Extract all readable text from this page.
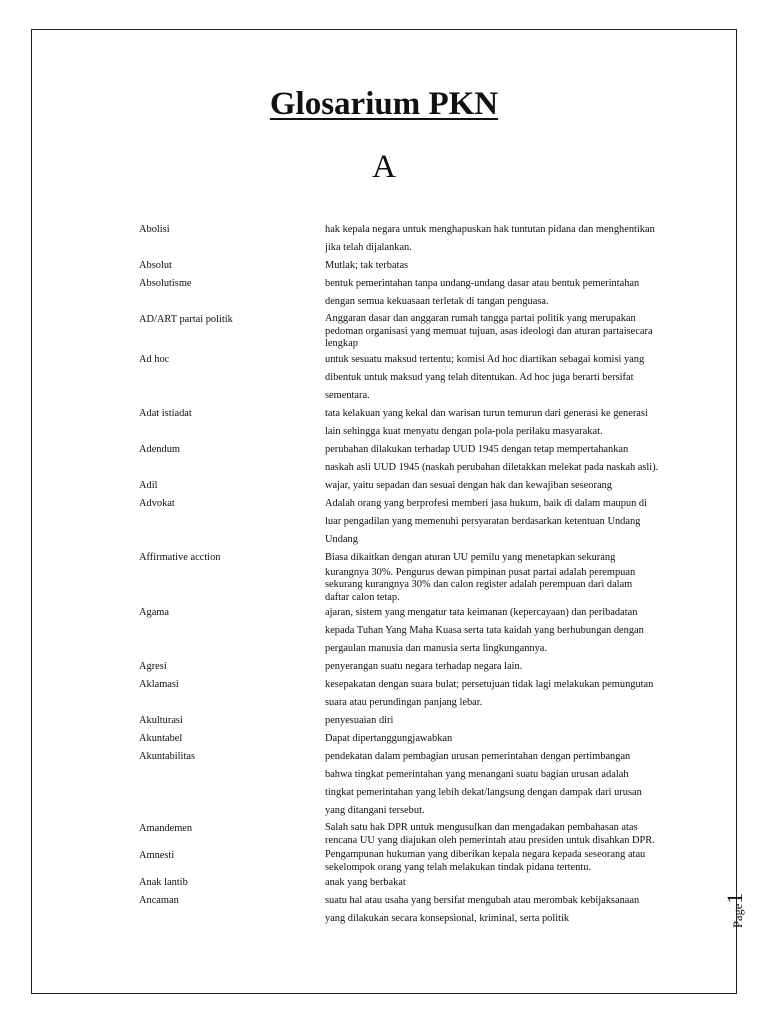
Glosarium PKN
A
Abolisi	hak kepala negara untuk menghapuskan hak tuntutan pidana dan menghentikan
jika telah dijalankan.
Absolut	Mutlak; tak terbatas
Absolutisme	bentuk pemerintahan tanpa undang-undang dasar atau bentuk pemerintahan
dengan semua kekuasaan terletak di tangan penguasa.
AD/ART partai politik	Anggaran dasar dan anggaran rumah tangga partai politik yang merupakan
pedoman organisasi yang memuat tujuan, asas ideologi dan aturan partaisecara
lengkap
Ad hoc	untuk sesuatu maksud tertentu; komisi Ad hoc diartikan sebagai komisi yang
dibentuk untuk maksud yang telah ditentukan. Ad hoc juga berarti bersifat
sementara.
Adat istiadat	tata kelakuan yang kekal dan warisan turun temurun dari generasi ke generasi
lain sehingga kuat menyatu dengan pola-pola perilaku masyarakat.
Adendum	perubahan dilakukan terhadap UUD 1945 dengan tetap mempertahankan
naskah asli UUD 1945 (naskah perubahan diletakkan melekat pada naskah asli).
Adil	wajar, yaitu sepadan dan sesuai dengan hak dan kewajiban seseorang
Advokat	Adalah orang yang berprofesi memberi jasa hukum, baik di dalam maupun di
luar pengadilan yang memenuhi persyaratan berdasarkan ketentuan Undang
Undang
Affirmative acction	Biasa dikaitkan dengan aturan UU pemilu yang menetapkan sekurang
kurangnya 30%. Pengurus dewan pimpinan pusat partai adalah perempuan
sekurang kurangnya 30% dan calon register adalah perempuan dari dalam
daftar calon tetap.
Agama	ajaran, sistem yang mengatur tata keimanan (kepercayaan) dan peribadatan
kepada Tuhan Yang Maha Kuasa serta tata kaidah yang berhubungan dengan
pergaulan manusia dan manusia serta lingkungannya.
Agresi	penyerangan suatu negara terhadap negara lain.
Aklamasi	kesepakatan dengan suara bulat; persetujuan tidak lagi melakukan pemungutan
suara atau perundingan panjang lebar.
Akulturasi	penyesuaian diri
Akuntabel	Dapat dipertanggungjawabkan
Akuntabilitas	pendekatan dalam pembagian urusan pemerintahan dengan pertimbangan
bahwa tingkat pemerintahan yang menangani suatu bagian urusan adalah
tingkat pemerintahan yang lebih dekat/langsung dengan dampak dari urusan
yang ditangani tersebut.
Amandemen	Salah satu hak DPR untuk mengusulkan dan mengadakan pembahasan atas
rencana UU yang diajukan oleh pemerintah atau presiden untuk disahkan DPR.
Amnesti	Pengampunan hukuman yang diberikan kepala negara kepada seseorang atau
sekelompok orang yang telah melakukan tindak pidana tertentu.
Anak lantib	anak yang berbakat
Ancaman	suatu hal atau usaha yang bersifat mengubah atau merombak kebijaksanaan
yang dilakukan secara konsepsional, kriminal, serta politik	Page1
